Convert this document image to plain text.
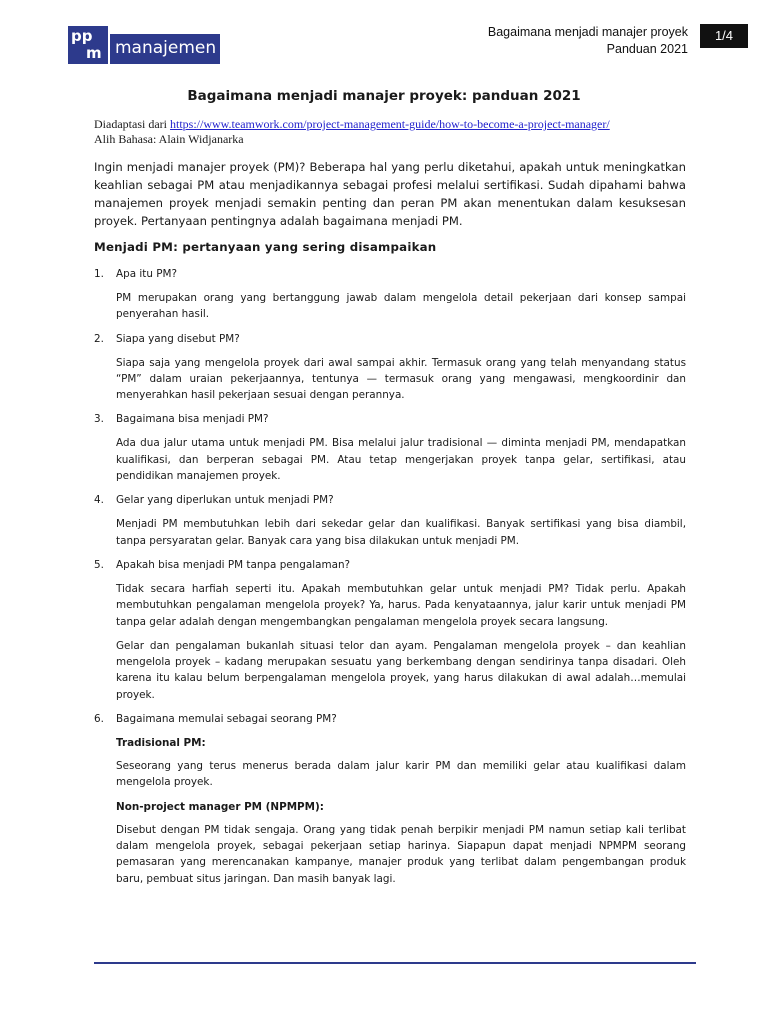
pp
m manajemen
Bagaimana menjadi manajer proyek
Panduan 2021
1/4
Bagaimana menjadi manajer proyek: panduan 2021
Diadaptasi dari https://www.teamwork.com/project-management-guide/how-to-become-a-project-manager/
Alih Bahasa: Alain Widjanarka

Ingin menjadi manajer proyek (PM)? Beberapa hal yang perlu diketahui, apakah untuk meningkatkan keahlian sebagai PM atau menjadikannya sebagai profesi melalui sertifikasi. Sudah dipahami bahwa manajemen proyek menjadi semakin penting dan peran PM akan menentukan dalam kesuksesan proyek. Pertanyaan pentingnya adalah bagaimana menjadi PM.

Menjadi PM: pertanyaan yang sering disampaikan
1. Apa itu PM?

PM merupakan orang yang bertanggung jawab dalam mengelola detail pekerjaan dari konsep sampai penyerahan hasil.

2. Siapa yang disebut PM?

Siapa saja yang mengelola proyek dari awal sampai akhir. Termasuk orang yang telah menyandang status “PM” dalam uraian pekerjaannya, tentunya — termasuk orang yang mengawasi, mengkoordinir dan menyerahkan hasil pekerjaan sesuai dengan perannya.

3. Bagaimana bisa menjadi PM?

Ada dua jalur utama untuk menjadi PM. Bisa melalui jalur tradisional — diminta menjadi PM, mendapatkan kualifikasi, dan berperan sebagai PM. Atau tetap mengerjakan proyek tanpa gelar, sertifikasi, atau pendidikan manajemen proyek.

4. Gelar yang diperlukan untuk menjadi PM?

Menjadi PM membutuhkan lebih dari sekedar gelar dan kualifikasi. Banyak sertifikasi yang bisa diambil, tanpa persyaratan gelar. Banyak cara yang bisa dilakukan untuk menjadi PM.

5. Apakah bisa menjadi PM tanpa pengalaman?

Tidak secara harfiah seperti itu. Apakah membutuhkan gelar untuk menjadi PM? Tidak perlu. Apakah membutuhkan pengalaman mengelola proyek? Ya, harus. Pada kenyataannya, jalur karir untuk menjadi PM tanpa gelar adalah dengan mengembangkan pengalaman mengelola proyek secara langsung.

Gelar dan pengalaman bukanlah situasi telor dan ayam. Pengalaman mengelola proyek – dan keahlian mengelola proyek – kadang merupakan sesuatu yang berkembang dengan sendirinya tanpa disadari. Oleh karena itu kalau belum berpengalaman mengelola proyek, yang harus dilakukan di awal adalah…memulai proyek.

6. Bagaimana memulai sebagai seorang PM?
Tradisional PM:

Seseorang yang terus menerus berada dalam jalur karir PM dan memiliki gelar atau kualifikasi dalam mengelola proyek.

Non-project manager PM (NPMPM):

Disebut dengan PM tidak sengaja. Orang yang tidak penah berpikir menjadi PM namun setiap kali terlibat dalam mengelola proyek, sebagai pekerjaan setiap harinya. Siapapun dapat menjadi NPMPM seorang pemasaran yang merencanakan kampanye, manajer produk yang terlibat dalam pengembangan produk baru, pembuat situs jaringan. Dan masih banyak lagi.
